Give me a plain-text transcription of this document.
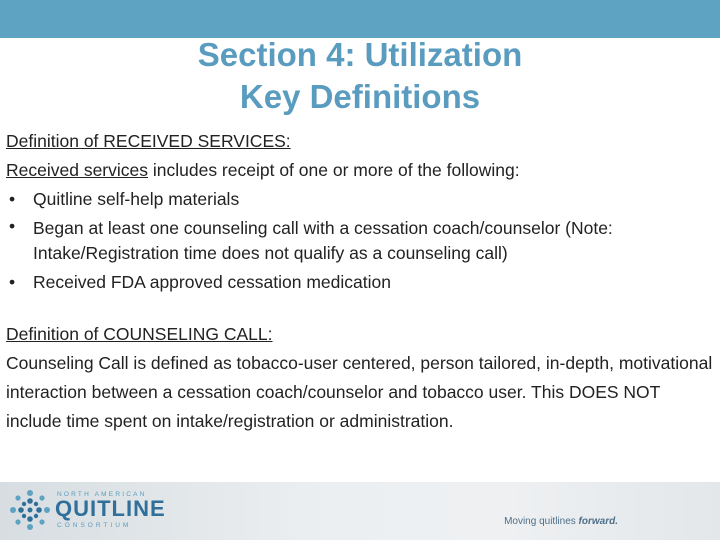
Section 4: Utilization
Key Definitions

Definition of RECEIVED SERVICES:

Received services includes receipt of one or more of the following:

• Quitline self-help materials
• Began at least one counseling call with a cessation coach/counselor (Note: Intake/Registration time does not qualify as a counseling call)
• Received FDA approved cessation medication

Definition of COUNSELING CALL:

Counseling Call is defined as tobacco-user centered, person tailored, in-depth, motivational interaction between a cessation coach/counselor and tobacco user. This DOES NOT include time spent on intake/registration or administration.

NORTH AMERICAN
QUITLINE
CONSORTIUM	Moving quitlines forward.
